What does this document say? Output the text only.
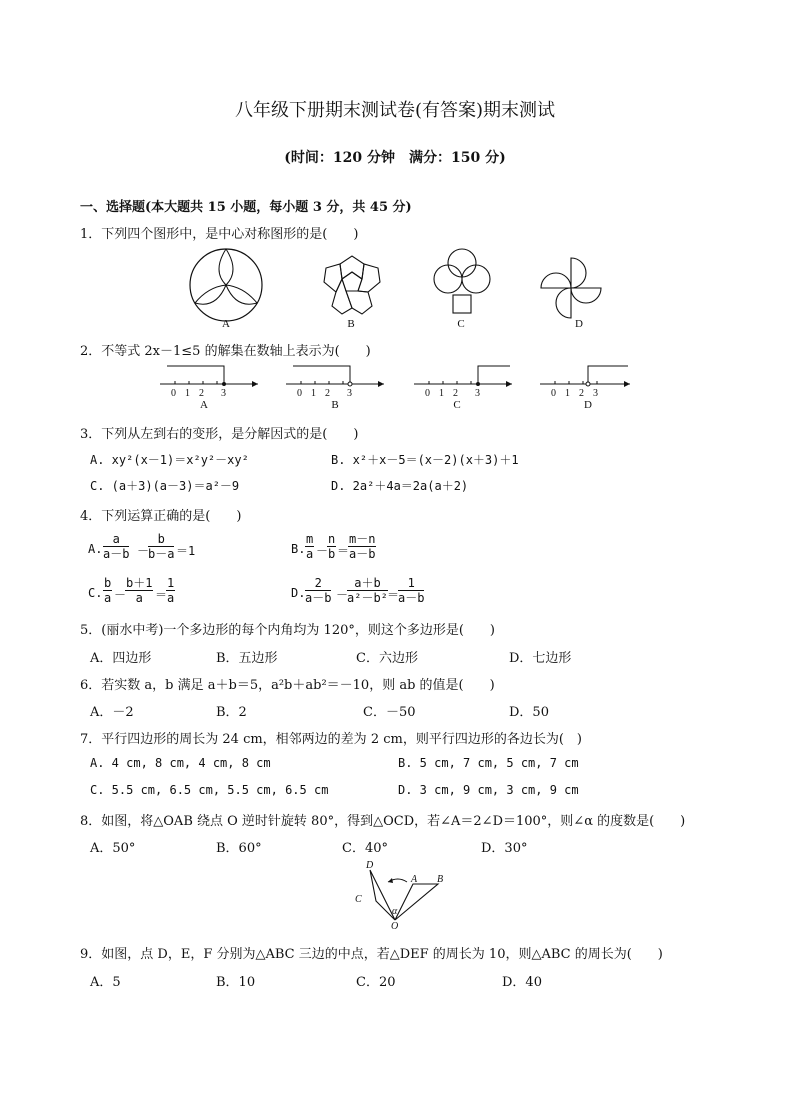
八年级下册期末测试卷(有答案)期末测试
(时间：120 分钟　满分：150 分)
一、选择题(本大题共 15 小题，每小题 3 分，共 45 分)
1．下列四个图形中，是中心对称图形的是(　　)
A	B	C	D
2．不等式 2x－1≤5 的解集在数轴上表示为(　　)
0 1 2 3
A
0 1 2 3
B
0 1 2 3
C
0 1 2 3
D
3．下列从左到右的变形，是分解因式的是(　　)
A. xy²(x－1)＝x²y²－xy²	B. x²＋x－5＝(x－2)(x＋3)＋1
C. (a＋3)(a－3)＝a²－9	D. 2a²＋4a＝2a(a＋2)
4．下列运算正确的是(　　)
A. $\frac{a}{a-b}$ －
$\frac{b}{b-a} =1$	B. $\frac{m}{a}$ －
$\frac{n}{b}$ ＝
$\frac{m-n}{a-b}$
C. $\frac{b}{a}$ －
$\frac{b+1}{a}$ ＝
$\frac{1}{a}$	D. $\frac{2}{a-b}$ －
$\frac{a+b}{\text{a²－b²}}$ ＝
$\frac{1}{a-b}$
5．(丽水中考)一个多边形的每个内角均为 120°，则这个多边形是(　　)
A．四边形	B．五边形	C．六边形	D．七边形
6．若实数 a，b 满足 a＋b＝5，a²b＋ab²＝－10，则 ab 的值是(　　)
A．－2	B．2	C．－50	D．50
7．平行四边形的周长为 24 cm，相邻两边的差为 2 cm，则平行四边形的各边长为(　)
A. 4 cm, 8 cm, 4 cm, 8 cm	B. 5 cm, 7 cm, 5 cm, 7 cm
C. 5.5 cm, 6.5 cm, 5.5 cm, 6.5 cm	D. 3 cm, 9 cm, 3 cm, 9 cm
8．如图，将△OAB 绕点 O 逆时针旋转 80°，得到△OCD，若∠A＝2∠D＝100°，则∠α 的度数是(　　)
A．50°	B．60°	C．40°	D．30°
D
A B
C
α
O
9．如图，点 D，E，F 分别为△ABC 三边的中点，若△DEF 的周长为 10，则△ABC 的周长为(　　)
A．5	B．10	C．20	D．40
